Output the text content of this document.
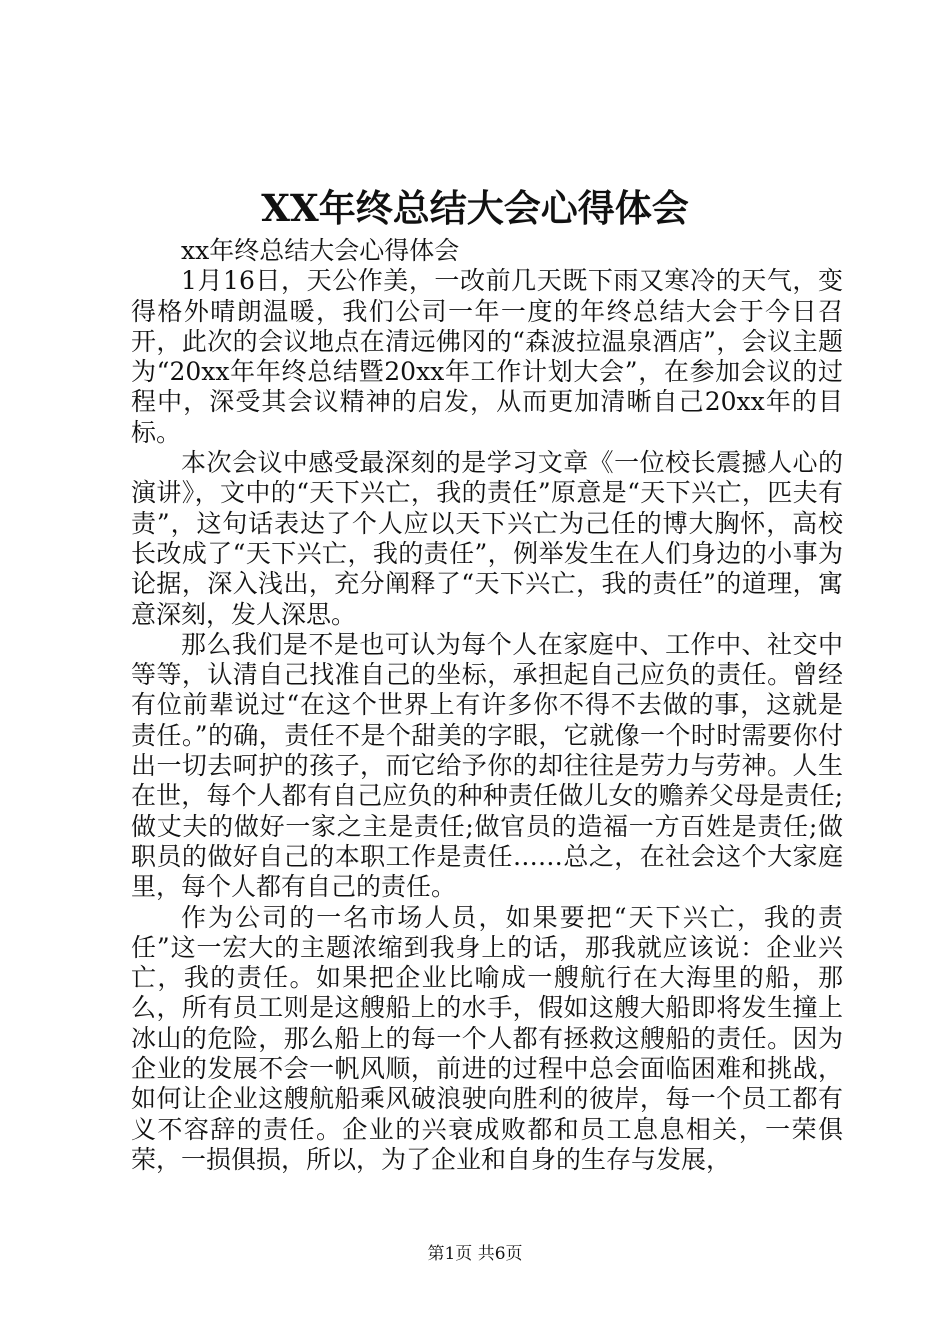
XX年终总结大会心得体会

xx年终总结大会心得体会

1月16日，天公作美，一改前几天既下雨又寒冷的天气，变得格外晴朗温暖，我们公司一年一度的年终总结大会于今日召开，此次的会议地点在清远佛冈的“森波拉温泉酒店”，会议主题为“20xx年年终总结暨20xx年工作计划大会”，在参加会议的过程中，深受其会议精神的启发，从而更加清晰自己20xx年的目标。

本次会议中感受最深刻的是学习文章《一位校长震撼人心的演讲》，文中的“天下兴亡，我的责任”原意是“天下兴亡，匹夫有责”，这句话表达了个人应以天下兴亡为己任的博大胸怀，高校长改成了“天下兴亡，我的责任”，例举发生在人们身边的小事为论据，深入浅出，充分阐释了“天下兴亡，我的责任”的道理，寓意深刻，发人深思。

那么我们是不是也可认为每个人在家庭中、工作中、社交中等等，认清自己找准自己的坐标，承担起自己应负的责任。曾经有位前辈说过“在这个世界上有许多你不得不去做的事，这就是责任。”的确，责任不是个甜美的字眼，它就像一个时时需要你付出一切去呵护的孩子，而它给予你的却往往是劳力与劳神。人生在世，每个人都有自己应负的种种责任做儿女的赡养父母是责任;做丈夫的做好一家之主是责任;做官员的造福一方百姓是责任;做职员的做好自己的本职工作是责任……总之，在社会这个大家庭里，每个人都有自己的责任。

作为公司的一名市场人员，如果要把“天下兴亡，我的责任”这一宏大的主题浓缩到我身上的话，那我就应该说：企业兴亡，我的责任。如果把企业比喻成一艘航行在大海里的船，那么，所有员工则是这艘船上的水手，假如这艘大船即将发生撞上冰山的危险，那么船上的每一个人都有拯救这艘船的责任。因为企业的发展不会一帆风顺，前进的过程中总会面临困难和挑战，如何让企业这艘航船乘风破浪驶向胜利的彼岸，每一个员工都有义不容辞的责任。企业的兴衰成败都和员工息息相关，一荣俱荣，一损俱损，所以，为了企业和自身的生存与发展，

第1页 共6页
